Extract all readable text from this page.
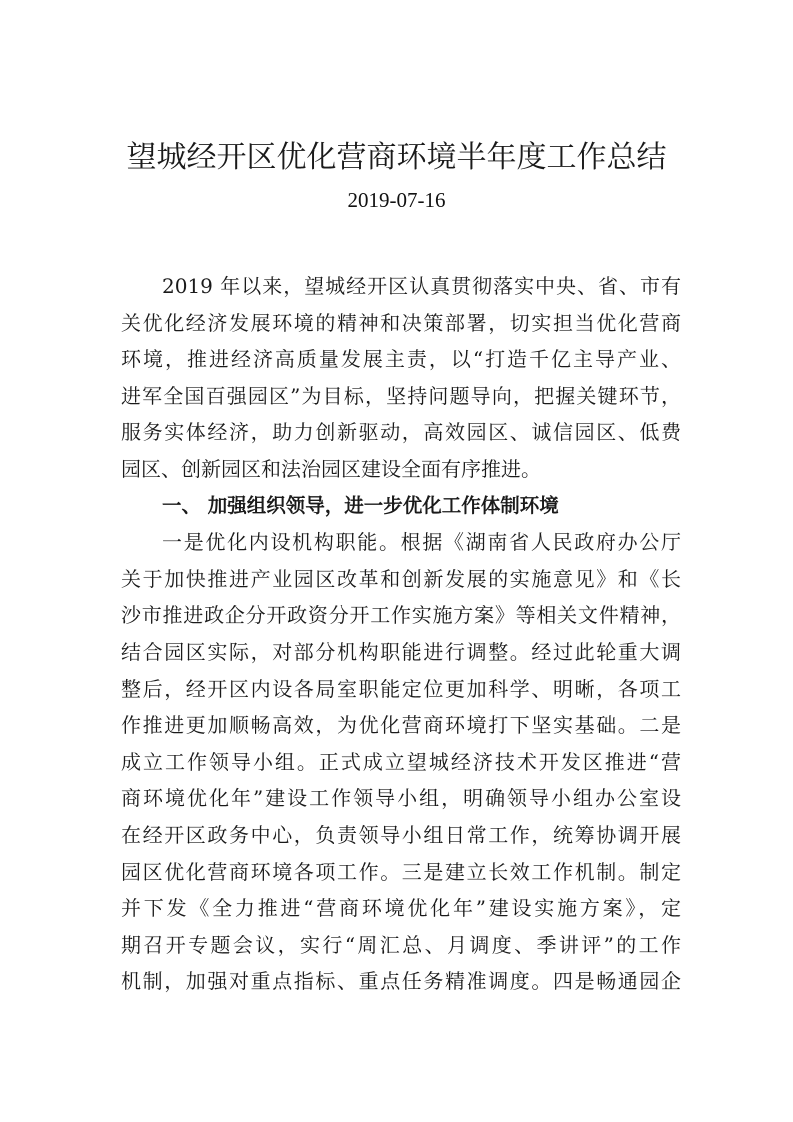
望城经开区优化营商环境半年度工作总结
2019-07-16
2019 年以来，望城经开区认真贯彻落实中央、省、市有
关优化经济发展环境的精神和决策部署，切实担当优化营商
环境，推进经济高质量发展主责，以“打造千亿主导产业、
进军全国百强园区”为目标，坚持问题导向，把握关键环节，
服务实体经济，助力创新驱动，高效园区、诚信园区、低费
园区、创新园区和法治园区建设全面有序推进。
一、 加强组织领导，进一步优化工作体制环境
一是优化内设机构职能。根据《湖南省人民政府办公厅
关于加快推进产业园区改革和创新发展的实施意见》和《长
沙市推进政企分开政资分开工作实施方案》等相关文件精神，
结合园区实际，对部分机构职能进行调整。经过此轮重大调
整后，经开区内设各局室职能定位更加科学、明晰，各项工
作推进更加顺畅高效，为优化营商环境打下坚实基础。二是
成立工作领导小组。正式成立望城经济技术开发区推进“营
商环境优化年”建设工作领导小组，明确领导小组办公室设
在经开区政务中心，负责领导小组日常工作，统筹协调开展
园区优化营商环境各项工作。三是建立长效工作机制。制定
并下发《全力推进“营商环境优化年”建设实施方案》，定
期召开专题会议，实行“周汇总、月调度、季讲评”的工作
机制，加强对重点指标、重点任务精准调度。四是畅通园企
